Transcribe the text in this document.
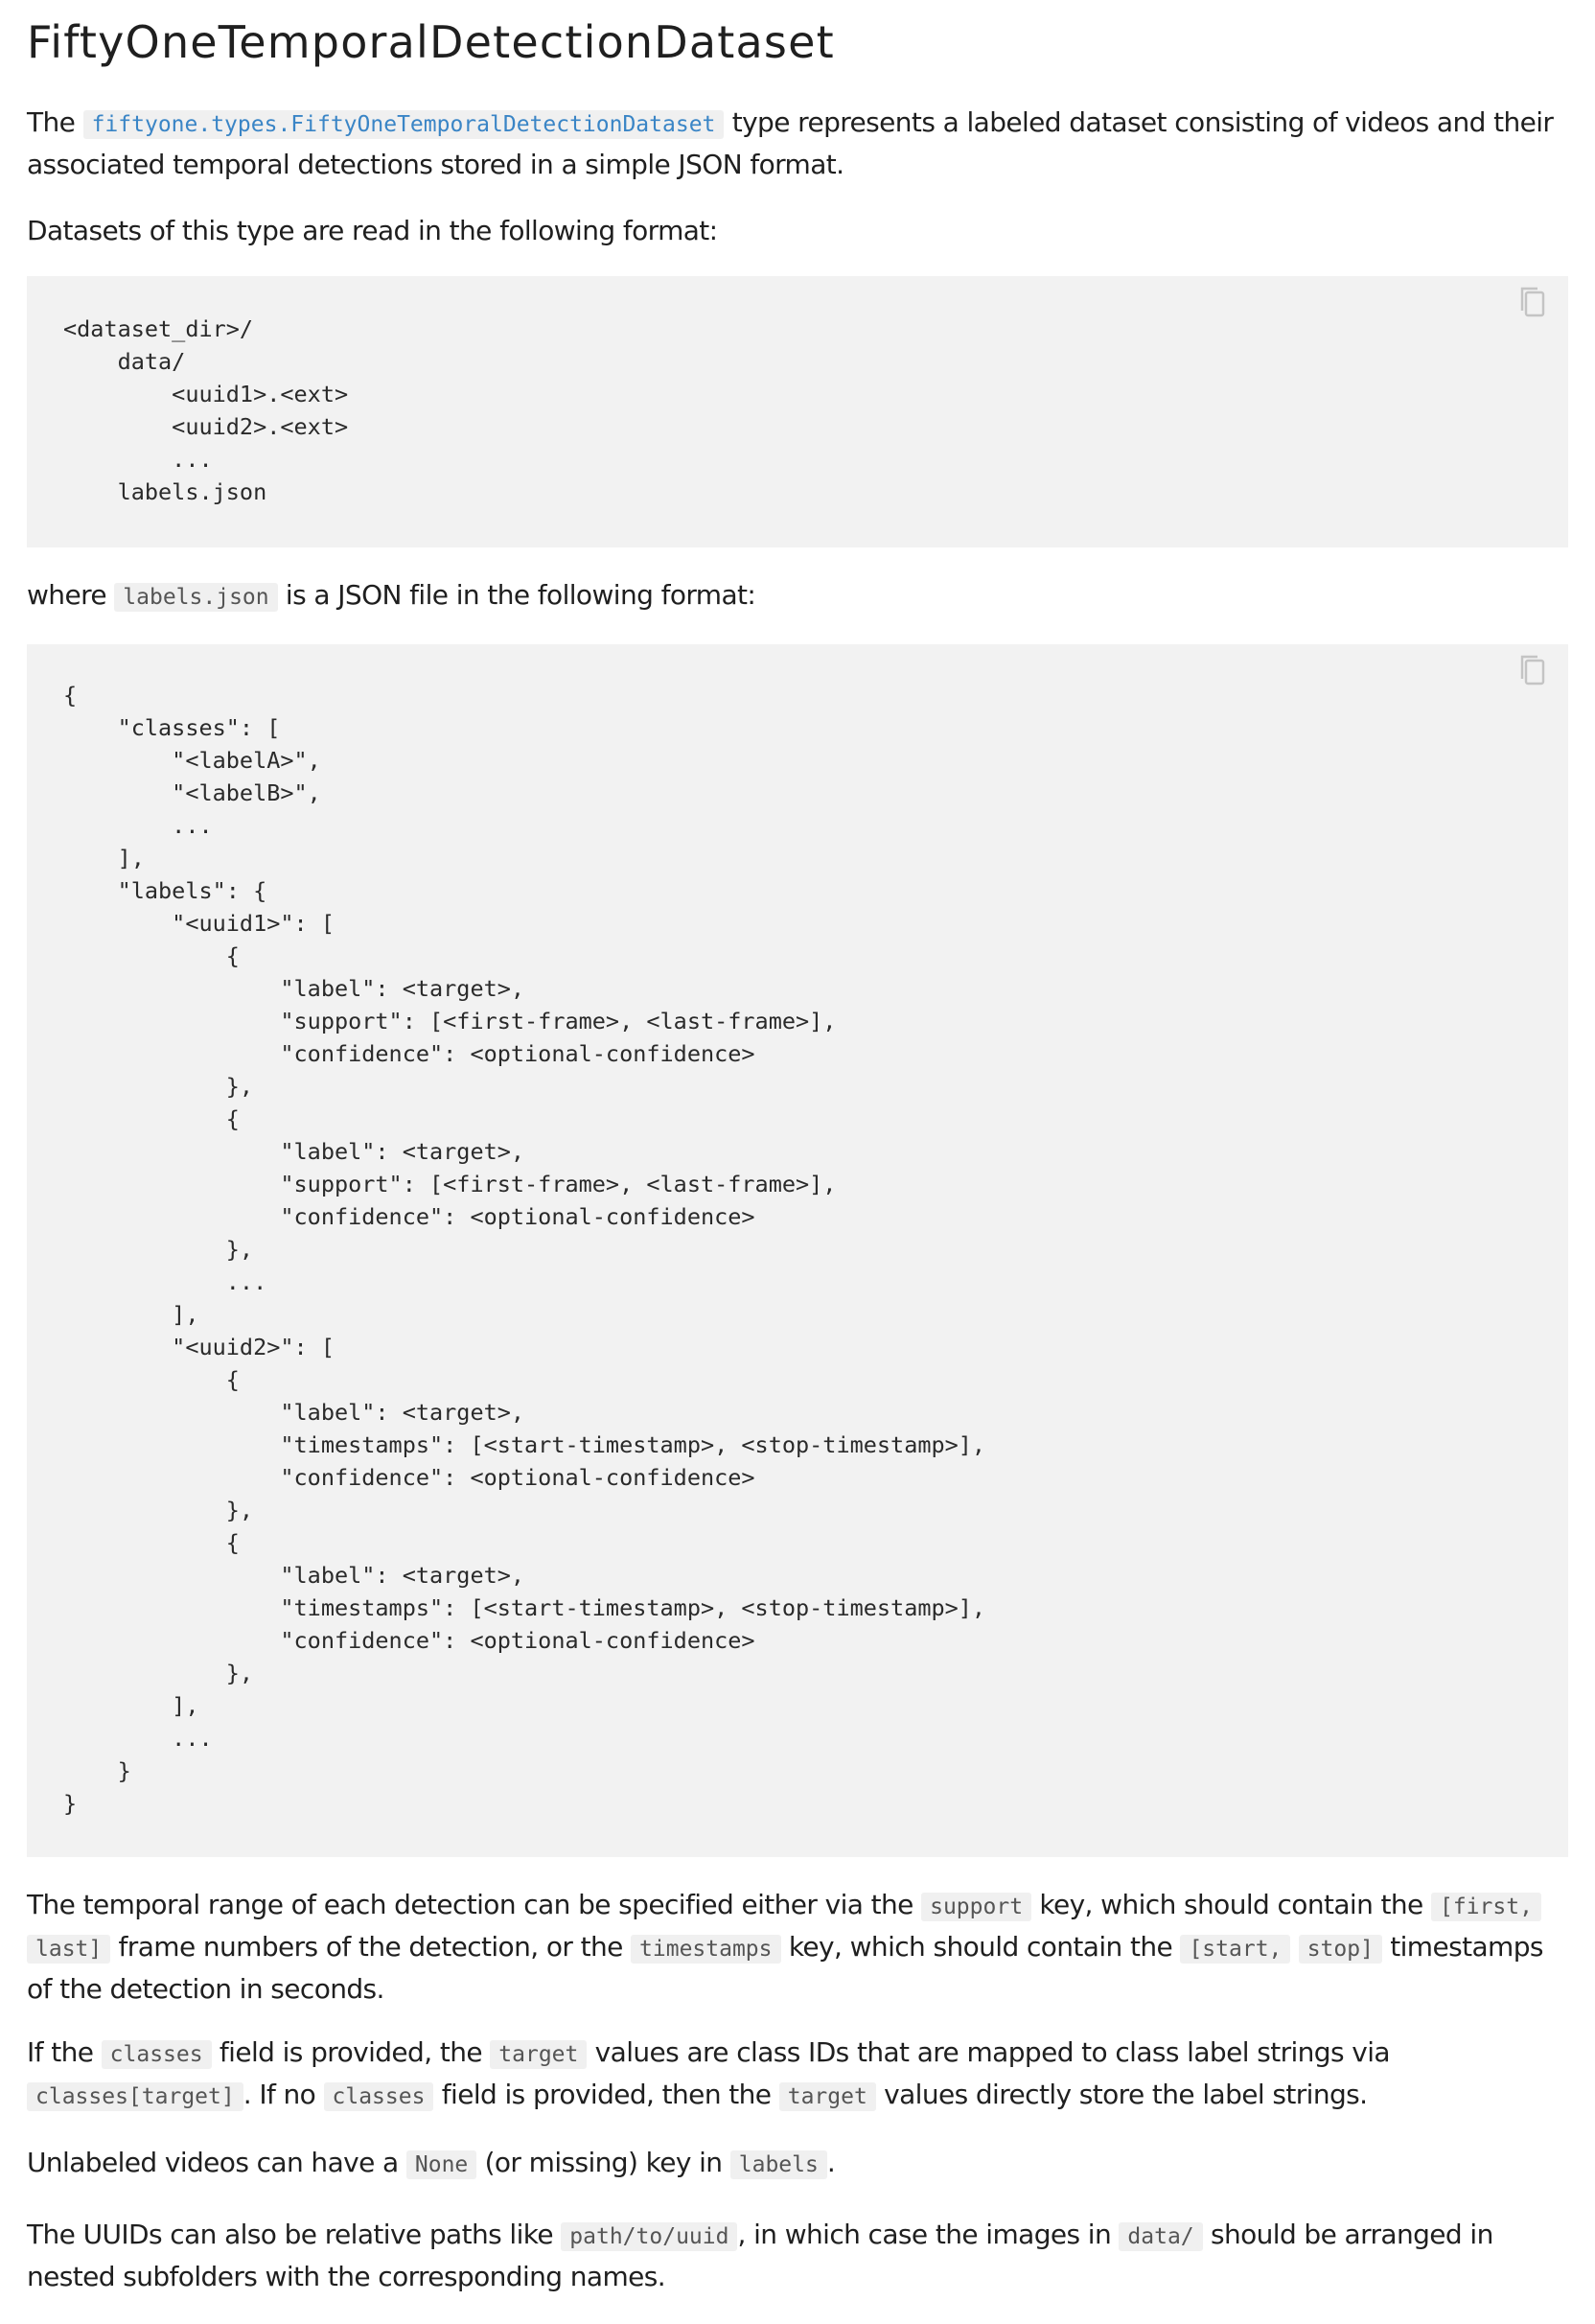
FiftyOneTemporalDetectionDataset

The fiftyone.types.FiftyOneTemporalDetectionDataset type represents a labeled dataset consisting of videos and their associated temporal detections stored in a simple JSON format.

Datasets of this type are read in the following format:

<dataset_dir>/
data/
<uuid1>.<ext>
<uuid2>.<ext>
...
labels.json

where labels.json is a JSON file in the following format:

{
"classes": [
"<labelA>",
"<labelB>",
...
],
"labels": {
"<uuid1>": [
{
"label": <target>,
"support": [<first-frame>, <last-frame>],
"confidence": <optional-confidence>
},
{
"label": <target>,
"support": [<first-frame>, <last-frame>],
"confidence": <optional-confidence>
},
...
],
"<uuid2>": [
{
"label": <target>,
"timestamps": [<start-timestamp>, <stop-timestamp>],
"confidence": <optional-confidence>
},
{
"label": <target>,
"timestamps": [<start-timestamp>, <stop-timestamp>],
"confidence": <optional-confidence>
},
],
...
}
}

The temporal range of each detection can be specified either via the support key, which should contain the [first, last] frame numbers of the detection, or the timestamps key, which should contain the [start, stop] timestamps of the detection in seconds.

If the classes field is provided, the target values are class IDs that are mapped to class label strings via classes[target] . If no classes field is provided, then the target values directly store the label strings.

Unlabeled videos can have a None (or missing) key in labels .

The UUIDs can also be relative paths like path/to/uuid , in which case the images in data/ should be arranged in nested subfolders with the corresponding names.
